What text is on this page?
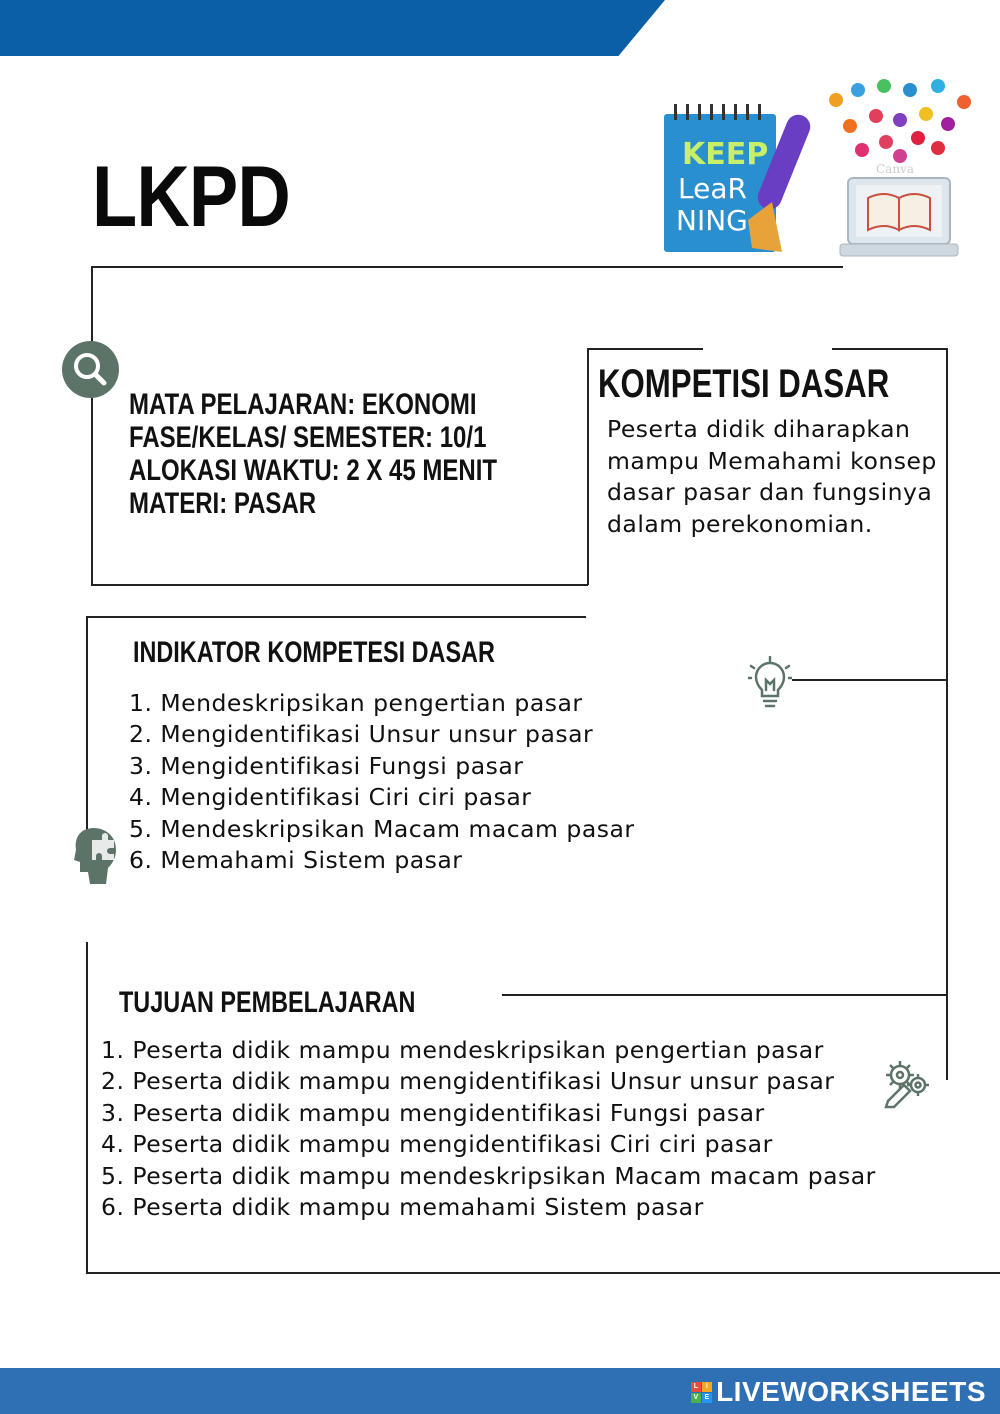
LKPD	KEEP
LeaR
NING
Canva
MATA PELAJARAN: EKONOMI
FASE/KELAS/ SEMESTER: 10/1
ALOKASI WAKTU: 2 X 45 MENIT
MATERI: PASAR
KOMPETISI DASAR

Peserta didik diharapkan mampu Memahami konsep dasar pasar dan fungsinya dalam perekonomian.

INDIKATOR KOMPETESI DASAR
1. Mendeskripsikan pengertian pasar
2. Mengidentifikasi Unsur unsur pasar
3. Mengidentifikasi Fungsi pasar
4. Mengidentifikasi Ciri ciri pasar
5. Mendeskripsikan Macam macam pasar
6. Memahami Sistem pasar
TUJUAN PEMBELAJARAN
1. Peserta didik mampu mendeskripsikan pengertian pasar
2. Peserta didik mampu mengidentifikasi Unsur unsur pasar
3. Peserta didik mampu mengidentifikasi Fungsi pasar
4. Peserta didik mampu mengidentifikasi Ciri ciri pasar
5. Peserta didik mampu mendeskripsikan Macam macam pasar
6. Peserta didik mampu memahami Sistem pasar
L	I
V E LIVEWORKSHEETS
